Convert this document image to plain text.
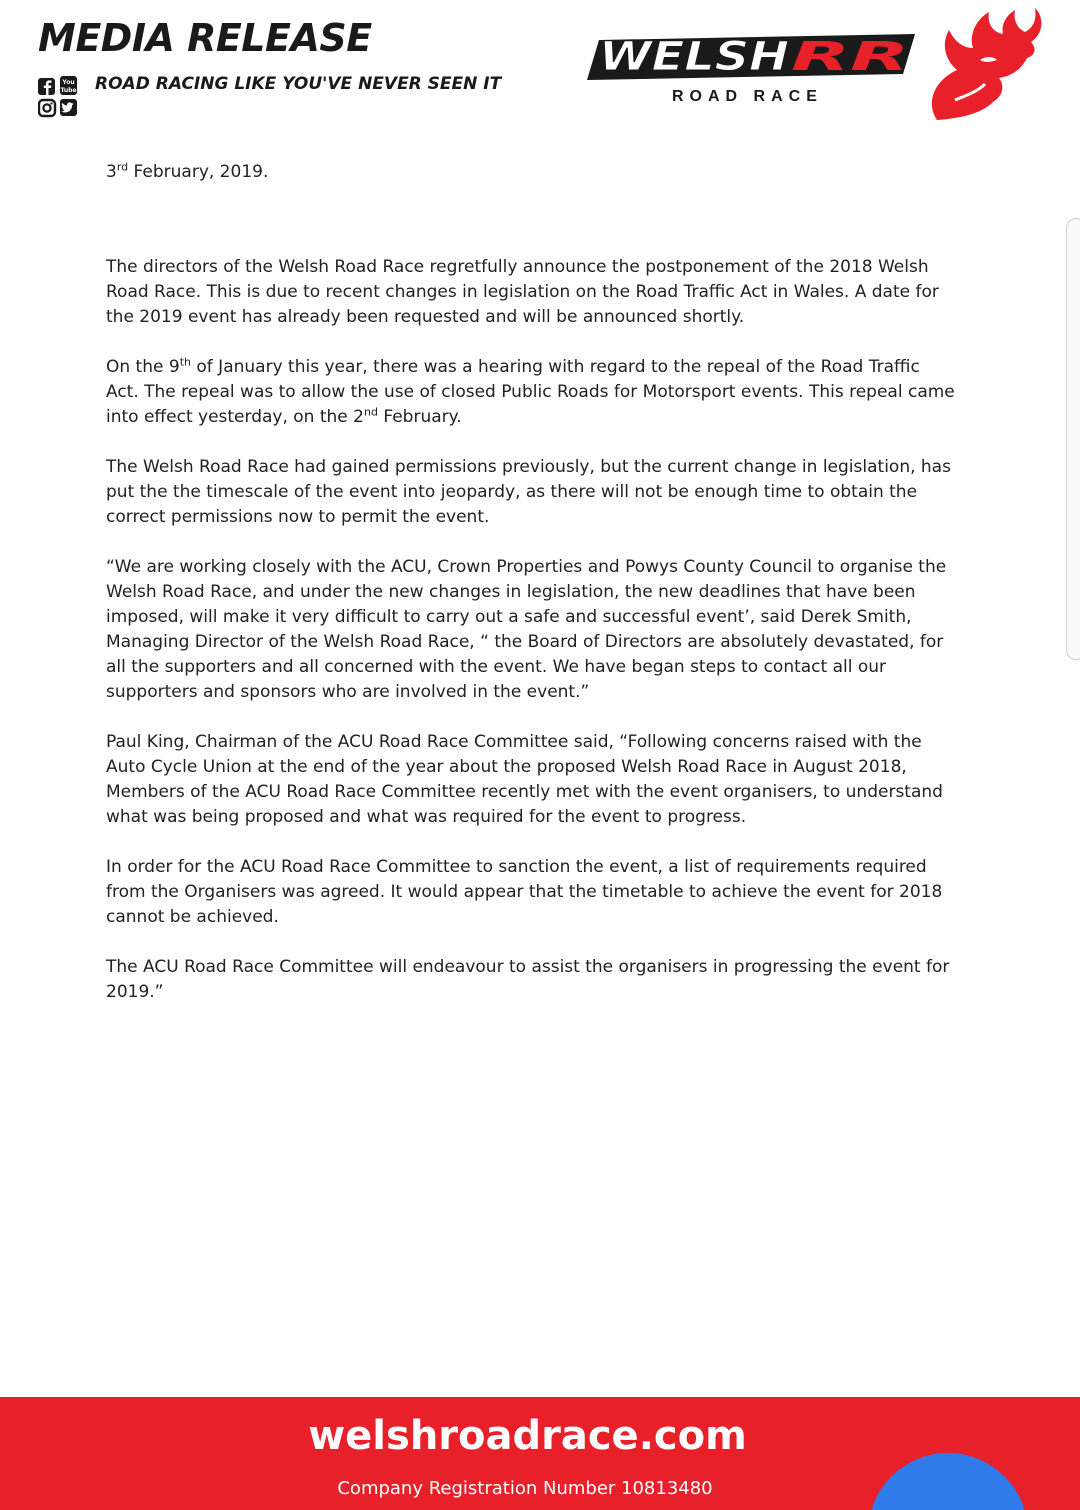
MEDIA RELEASE
You
Tube ROAD RACING LIKE YOU'VE NEVER SEEN IT
WELSH RR
ROAD RACE

3rd February, 2019.

The directors of the Welsh Road Race regretfully announce the postponement of the 2018 Welsh Road Race. This is due to recent changes in legislation on the Road Traffic Act in Wales. A date for the 2019 event has already been requested and will be announced shortly.

On the 9th of January this year, there was a hearing with regard to the repeal of the Road Traffic Act. The repeal was to allow the use of closed Public Roads for Motorsport events. This repeal came into effect yesterday, on the 2nd February.

The Welsh Road Race had gained permissions previously, but the current change in legislation, has put the the timescale of the event into jeopardy, as there will not be enough time to obtain the correct permissions now to permit the event.

“We are working closely with the ACU, Crown Properties and Powys County Council to organise the Welsh Road Race, and under the new changes in legislation, the new deadlines that have been imposed, will make it very difficult to carry out a safe and successful event’, said Derek Smith, Managing Director of the Welsh Road Race, “ the Board of Directors are absolutely devastated, for all the supporters and all concerned with the event. We have began steps to contact all our supporters and sponsors who are involved in the event.”

Paul King, Chairman of the ACU Road Race Committee said, “Following concerns raised with the Auto Cycle Union at the end of the year about the proposed Welsh Road Race in August 2018, Members of the ACU Road Race Committee recently met with the event organisers, to understand what was being proposed and what was required for the event to progress.

In order for the ACU Road Race Committee to sanction the event, a list of requirements required from the Organisers was agreed. It would appear that the timetable to achieve the event for 2018 cannot be achieved.

The ACU Road Race Committee will endeavour to assist the organisers in progressing the event for 2019.”

welshroadrace.com
Company Registration Number 10813480
